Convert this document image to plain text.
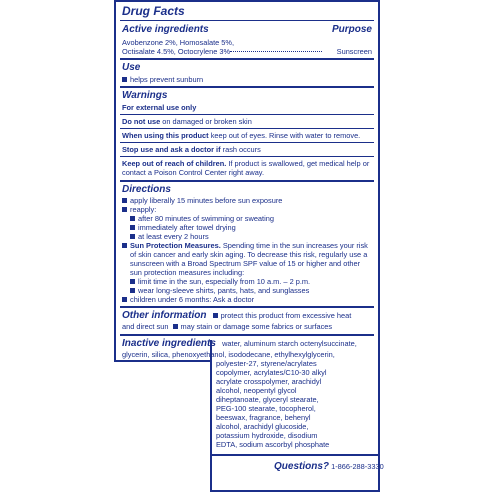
Drug Facts
Active ingredients	Purpose
Avobenzone 2%, Homosalate 5%,
Octisalate 4.5%, Octocrylene 3%	Sunscreen
Use
helps prevent sunburn
Warnings
For external use only
Do not use on damaged or broken skin
When using this product keep out of eyes. Rinse with water to remove.
Stop use and ask a doctor if rash occurs
Keep out of reach of children. If product is swallowed, get medical help or
contact a Poison Control Center right away.
Directions
apply liberally 15 minutes before sun exposure
reapply:
after 80 minutes of swimming or sweating
immediately after towel drying
at least every 2 hours
Sun Protection Measures. Spending time in the sun increases your risk
of skin cancer and early skin aging. To decrease this risk, regularly use a
sunscreen with a Broad Spectrum SPF value of 15 or higher and other
sun protection measures including:
limit time in the sun, especially from 10 a.m. – 2 p.m.
wear long-sleeve shirts, pants, hats, and sunglasses
children under 6 months: Ask a doctor
Other information protect this product from excessive heat
and direct sun may stain or damage some fabrics or surfaces
Inactive ingredients water, aluminum starch octenylsuccinate,
glycerin, silica, phenoxyethanol, isododecane, ethylhexylglycerin,
polyester-27, styrene/acrylates
copolymer, acrylates/C10-30 alkyl
acrylate crosspolymer, arachidyl
alcohol, neopentyl glycol
diheptanoate, glyceryl stearate,
PEG-100 stearate, tocopherol,
beeswax, fragrance, behenyl
alcohol, arachidyl glucoside,
potassium hydroxide, disodium
EDTA, sodium ascorbyl phosphate
Questions? 1-866-288-3330
